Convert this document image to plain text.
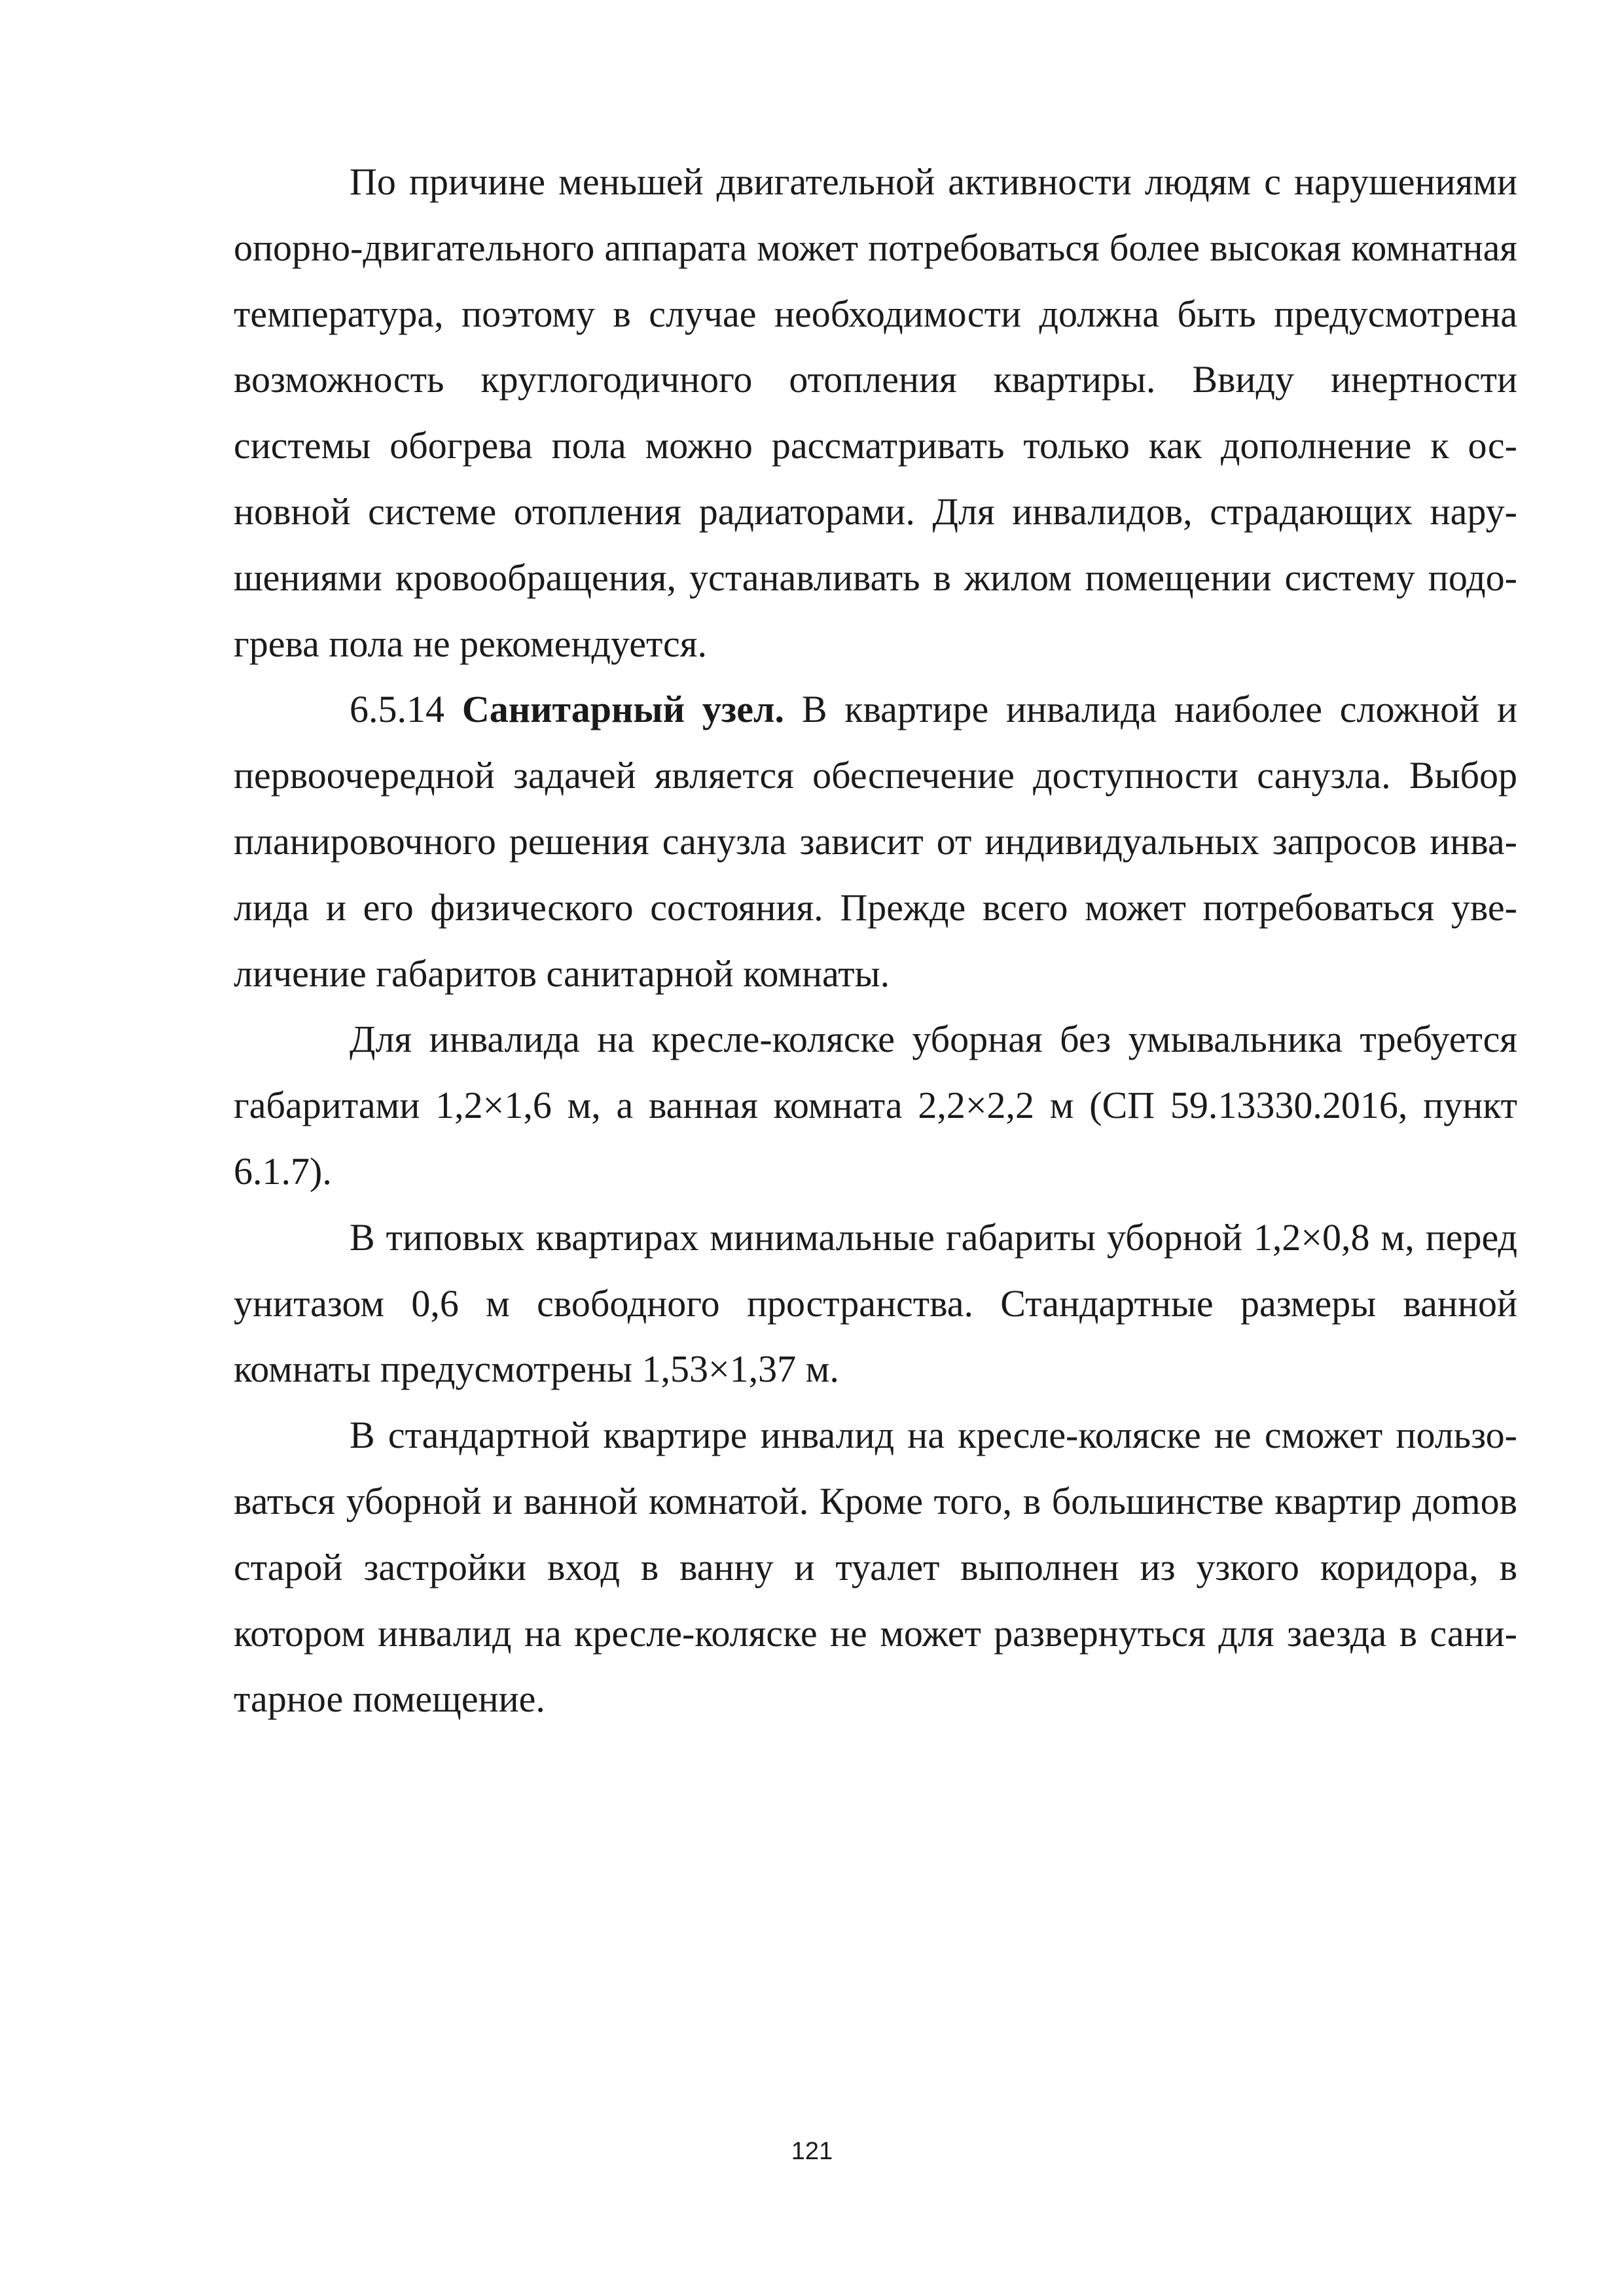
По причине меньшей двигательной активности людям с нарушениями опорно-двигательного аппарата может потребоваться более высокая комнатная температура, поэтому в случае необходимости должна быть предусмотрена возможность круглогодичного отопления квартиры. Ввиду инертности системы обогрева пола можно рассматривать только как дополнение к основной системе отопления радиаторами. Для инвалидов, страдающих нарушениями кровообращения, устанавливать в жилом помещении систему подогрева пола не рекомендуется.

6.5.14 Санитарный узел. В квартире инвалида наиболее сложной и первоочередной задачей является обеспечение доступности санузла. Выбор планировочного решения санузла зависит от индивидуальных запросов инвалида и его физического состояния. Прежде всего может потребоваться увеличение габаритов санитарной комнаты.

Для инвалида на кресле-коляске уборная без умывальника требуется габаритами 1,2×1,6 м, а ванная комната 2,2×2,2 м (СП 59.13330.2016, пункт 6.1.7).

В типовых квартирах минимальные габариты уборной 1,2×0,8 м, перед унитазом 0,6 м свободного пространства. Стандартные размеры ванной комнаты предусмотрены 1,53×1,37 м.

В стандартной квартире инвалид на кресле-коляске не сможет пользоваться уборной и ванной комнатой. Кроме того, в большинстве квартир доmов старой застройки вход в ванну и туалет выполнен из узкого коридора, в котором инвалид на кресле-коляске не может развернуться для заезда в санитарное помещение.

121
